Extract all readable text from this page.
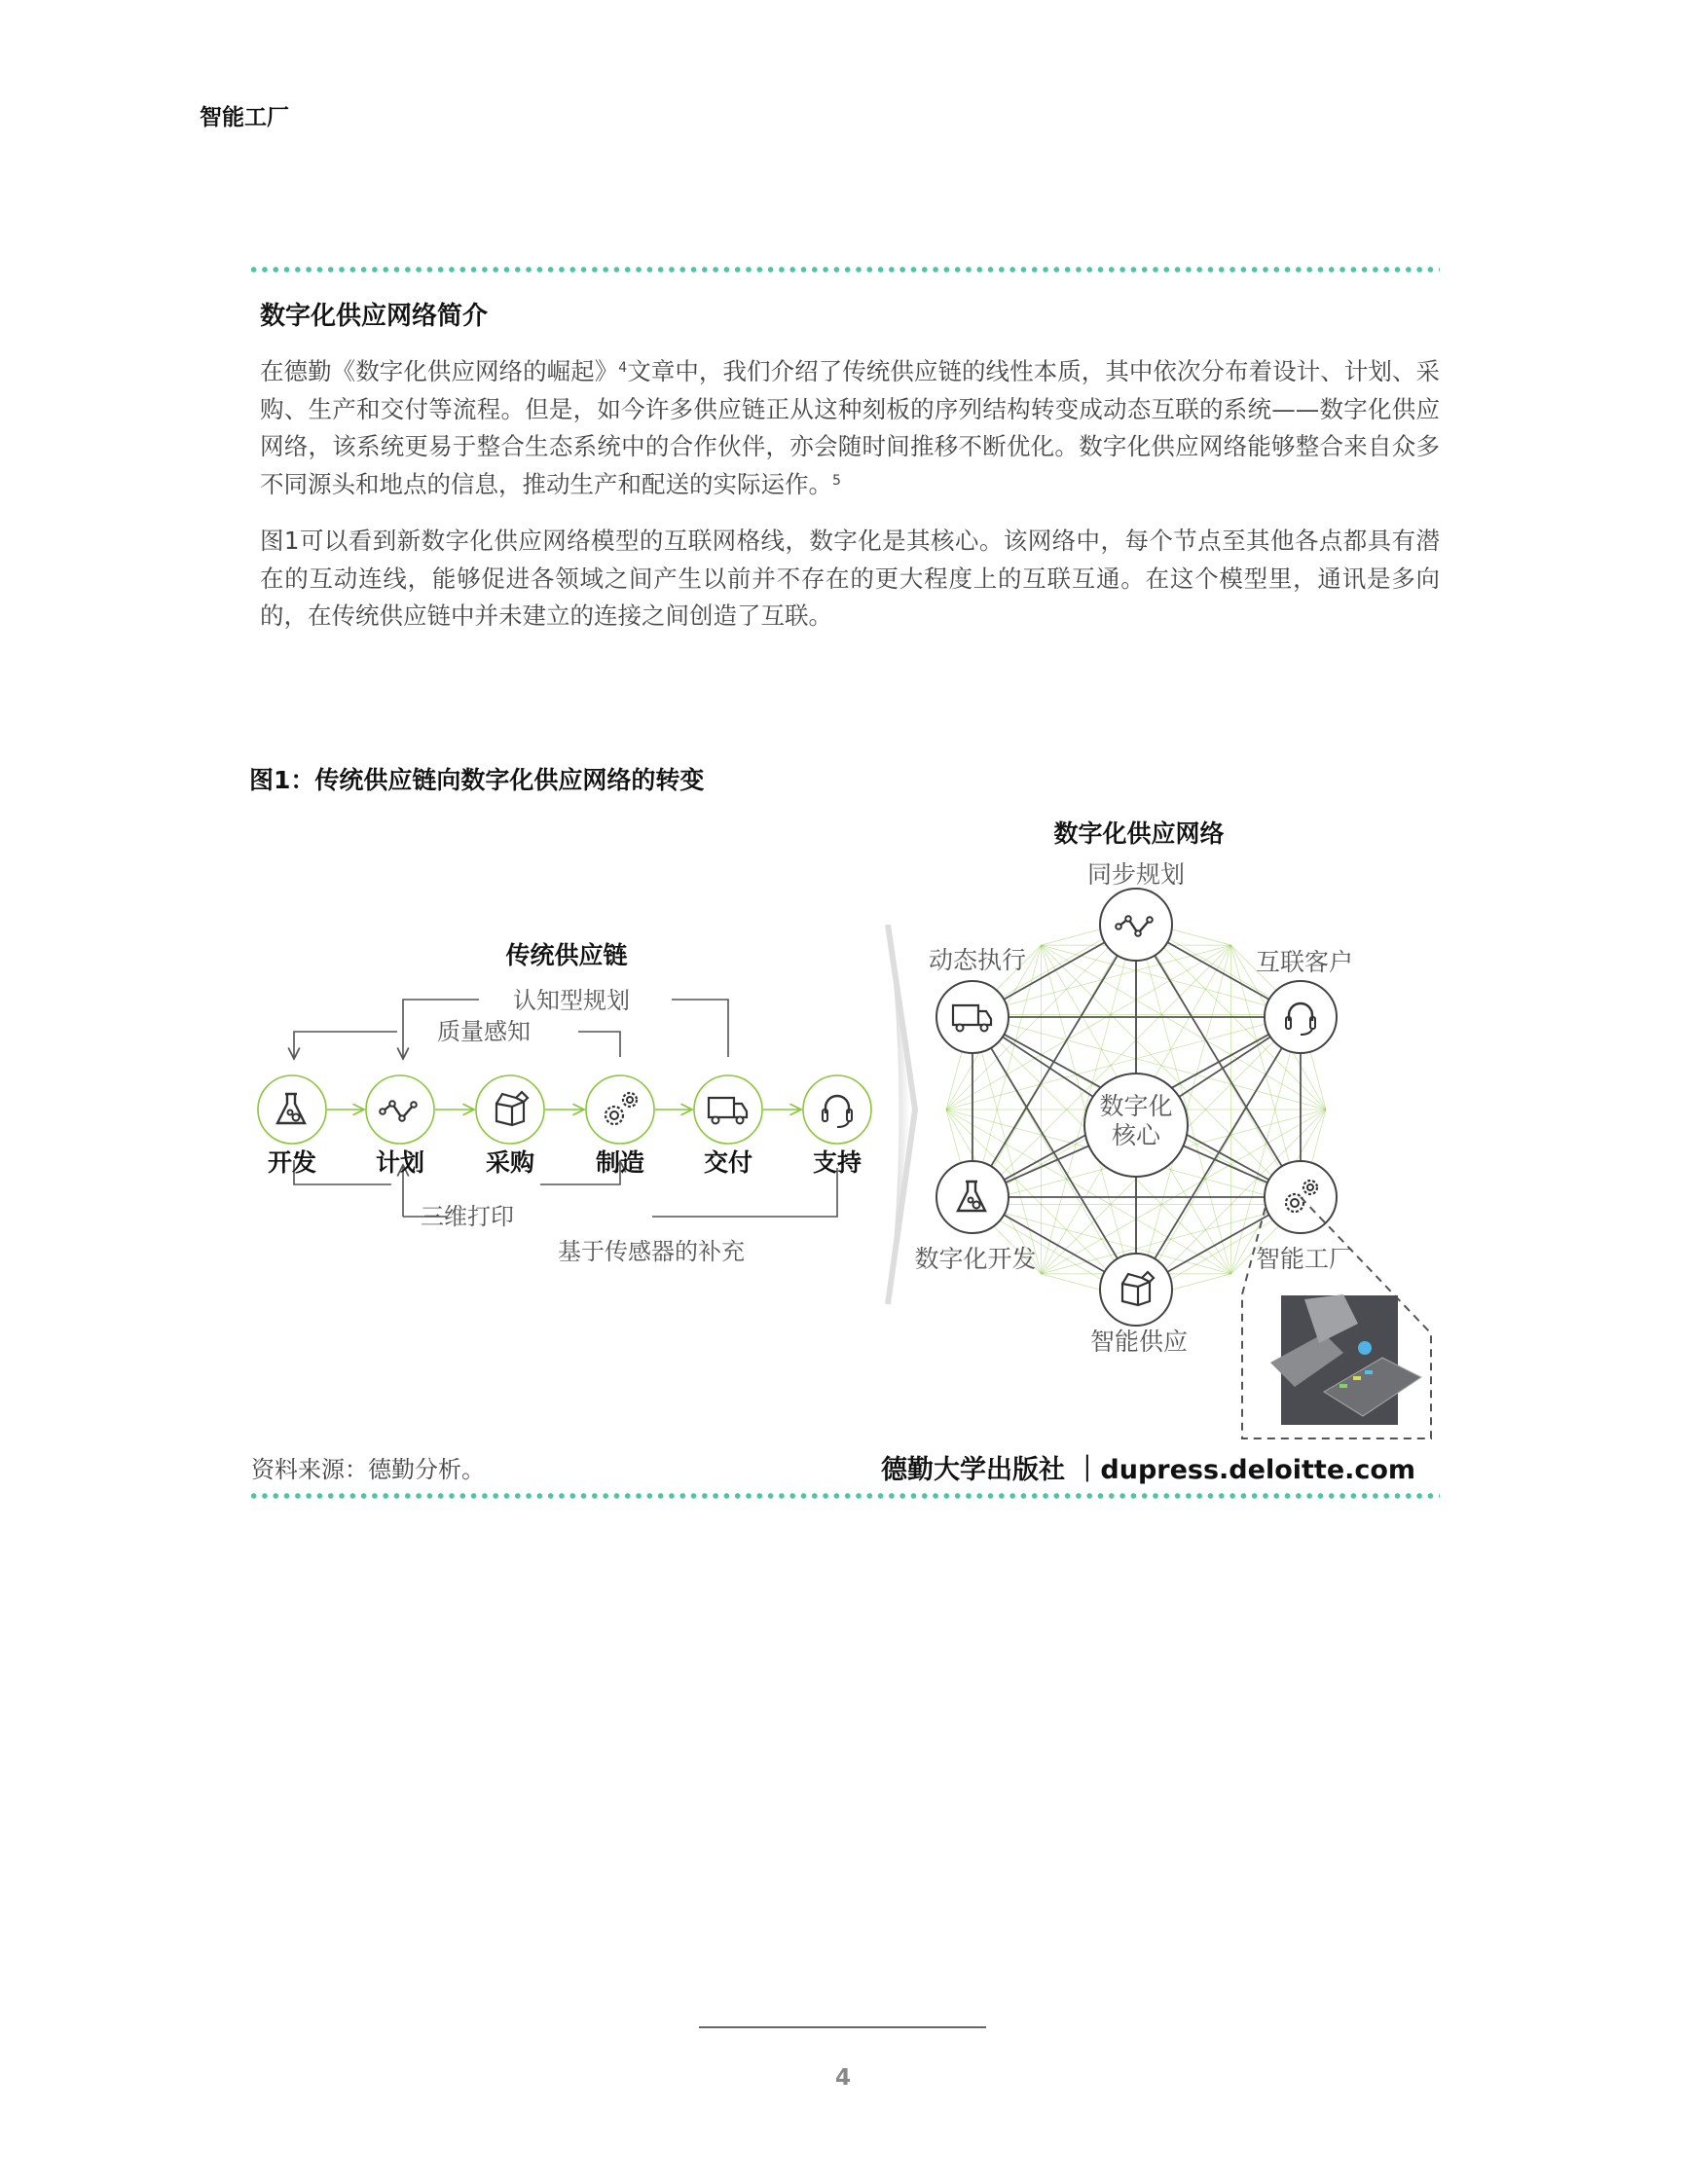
智能工厂
数字化供应网络简介
在德勤《数字化供应网络的崛起》$^4$文章中，我们介绍了传统供应链的线性本质，其中依次分布着设计、计划、采购、生产和交付等流程。但是，如今许多供应链正从这种刻板的序列结构转变成动态互联的系统——数字化供应网络，该系统更易于整合生态系统中的合作伙伴，亦会随时间推移不断优化。数字化供应网络能够整合来自众多不同源头和地点的信息，推动生产和配送的实际运作。$^5$
图1可以看到新数字化供应网络模型的互联网格线，数字化是其核心。该网络中，每个节点至其他各点都具有潜在的互动连线，能够促进各领域之间产生以前并不存在的更大程度上的互联互通。在这个模型里，通讯是多向的，在传统供应链中并未建立的连接之间创造了互联。
图1：传统供应链向数字化供应网络的转变
传统供应链
认知型规划
质量感知
三维打印
基于传感器的补充
开发 计划	采购	制造 交付 支持
数字化供应网络
数字化
核心
同步规划
互联客户
智能工厂
智能供应
数字化开发
动态执行
资料来源：德勤分析。	德勤大学出版社 ｜dupress.deloitte.com
4
